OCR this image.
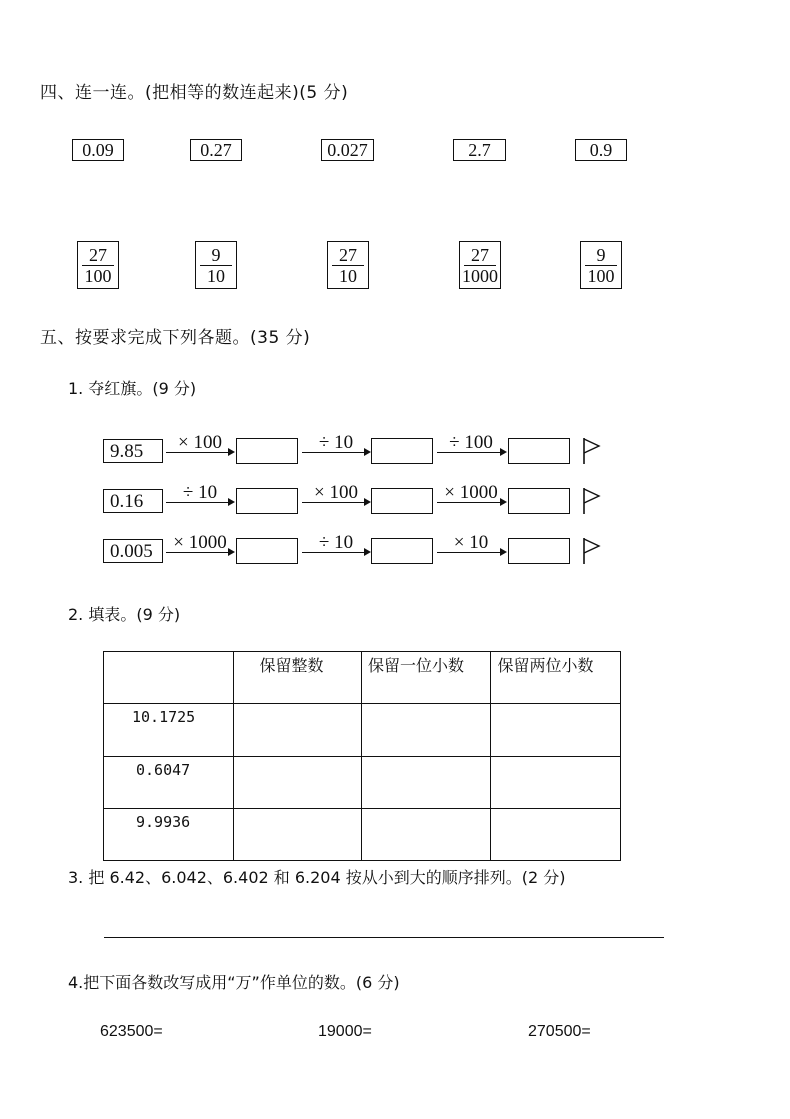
四、连一连。(把相等的数连起来)(5 分)
0.09	0.27	0.027	2.7	0.9
27
100
9
10
27
10
27
1000
9
100
五、按要求完成下列各题。(35 分)
1. 夺红旗。(9 分)
9.85	× 100	÷ 10	÷ 100
0.16	÷ 10	× 100	× 1000
0.005	× 1000	÷ 10	× 10
2. 填表。(9 分)
	保留整数	保留一位小数	保留两位小数
10.1725			
0.6047			
9.9936			
3. 把 6.42、6.042、6.402 和 6.204 按从小到大的顺序排列。(2 分)
4.把下面各数改写成用“万”作单位的数。(6 分)
623500=	19000=	270500=
